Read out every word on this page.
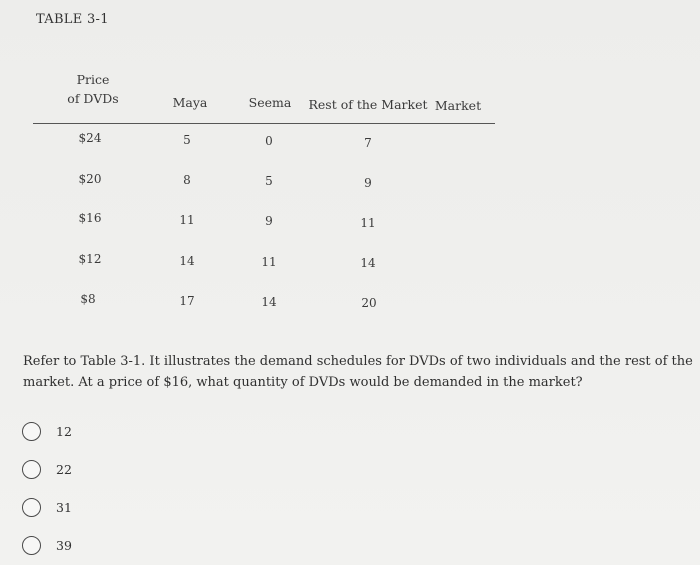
TABLE 3-1
Price
of DVDs	Maya	Seema	Rest of the Market Market
$24	5	0	7
$20	8	5	9
$16	11	9	11
$12	14	11	14
$8	17	14	20
Refer to Table 3-1. It illustrates the demand schedules for DVDs of two individuals and the rest of the market. At a price of $16, what quantity of DVDs would be demanded in the market?
12
22
31
39
